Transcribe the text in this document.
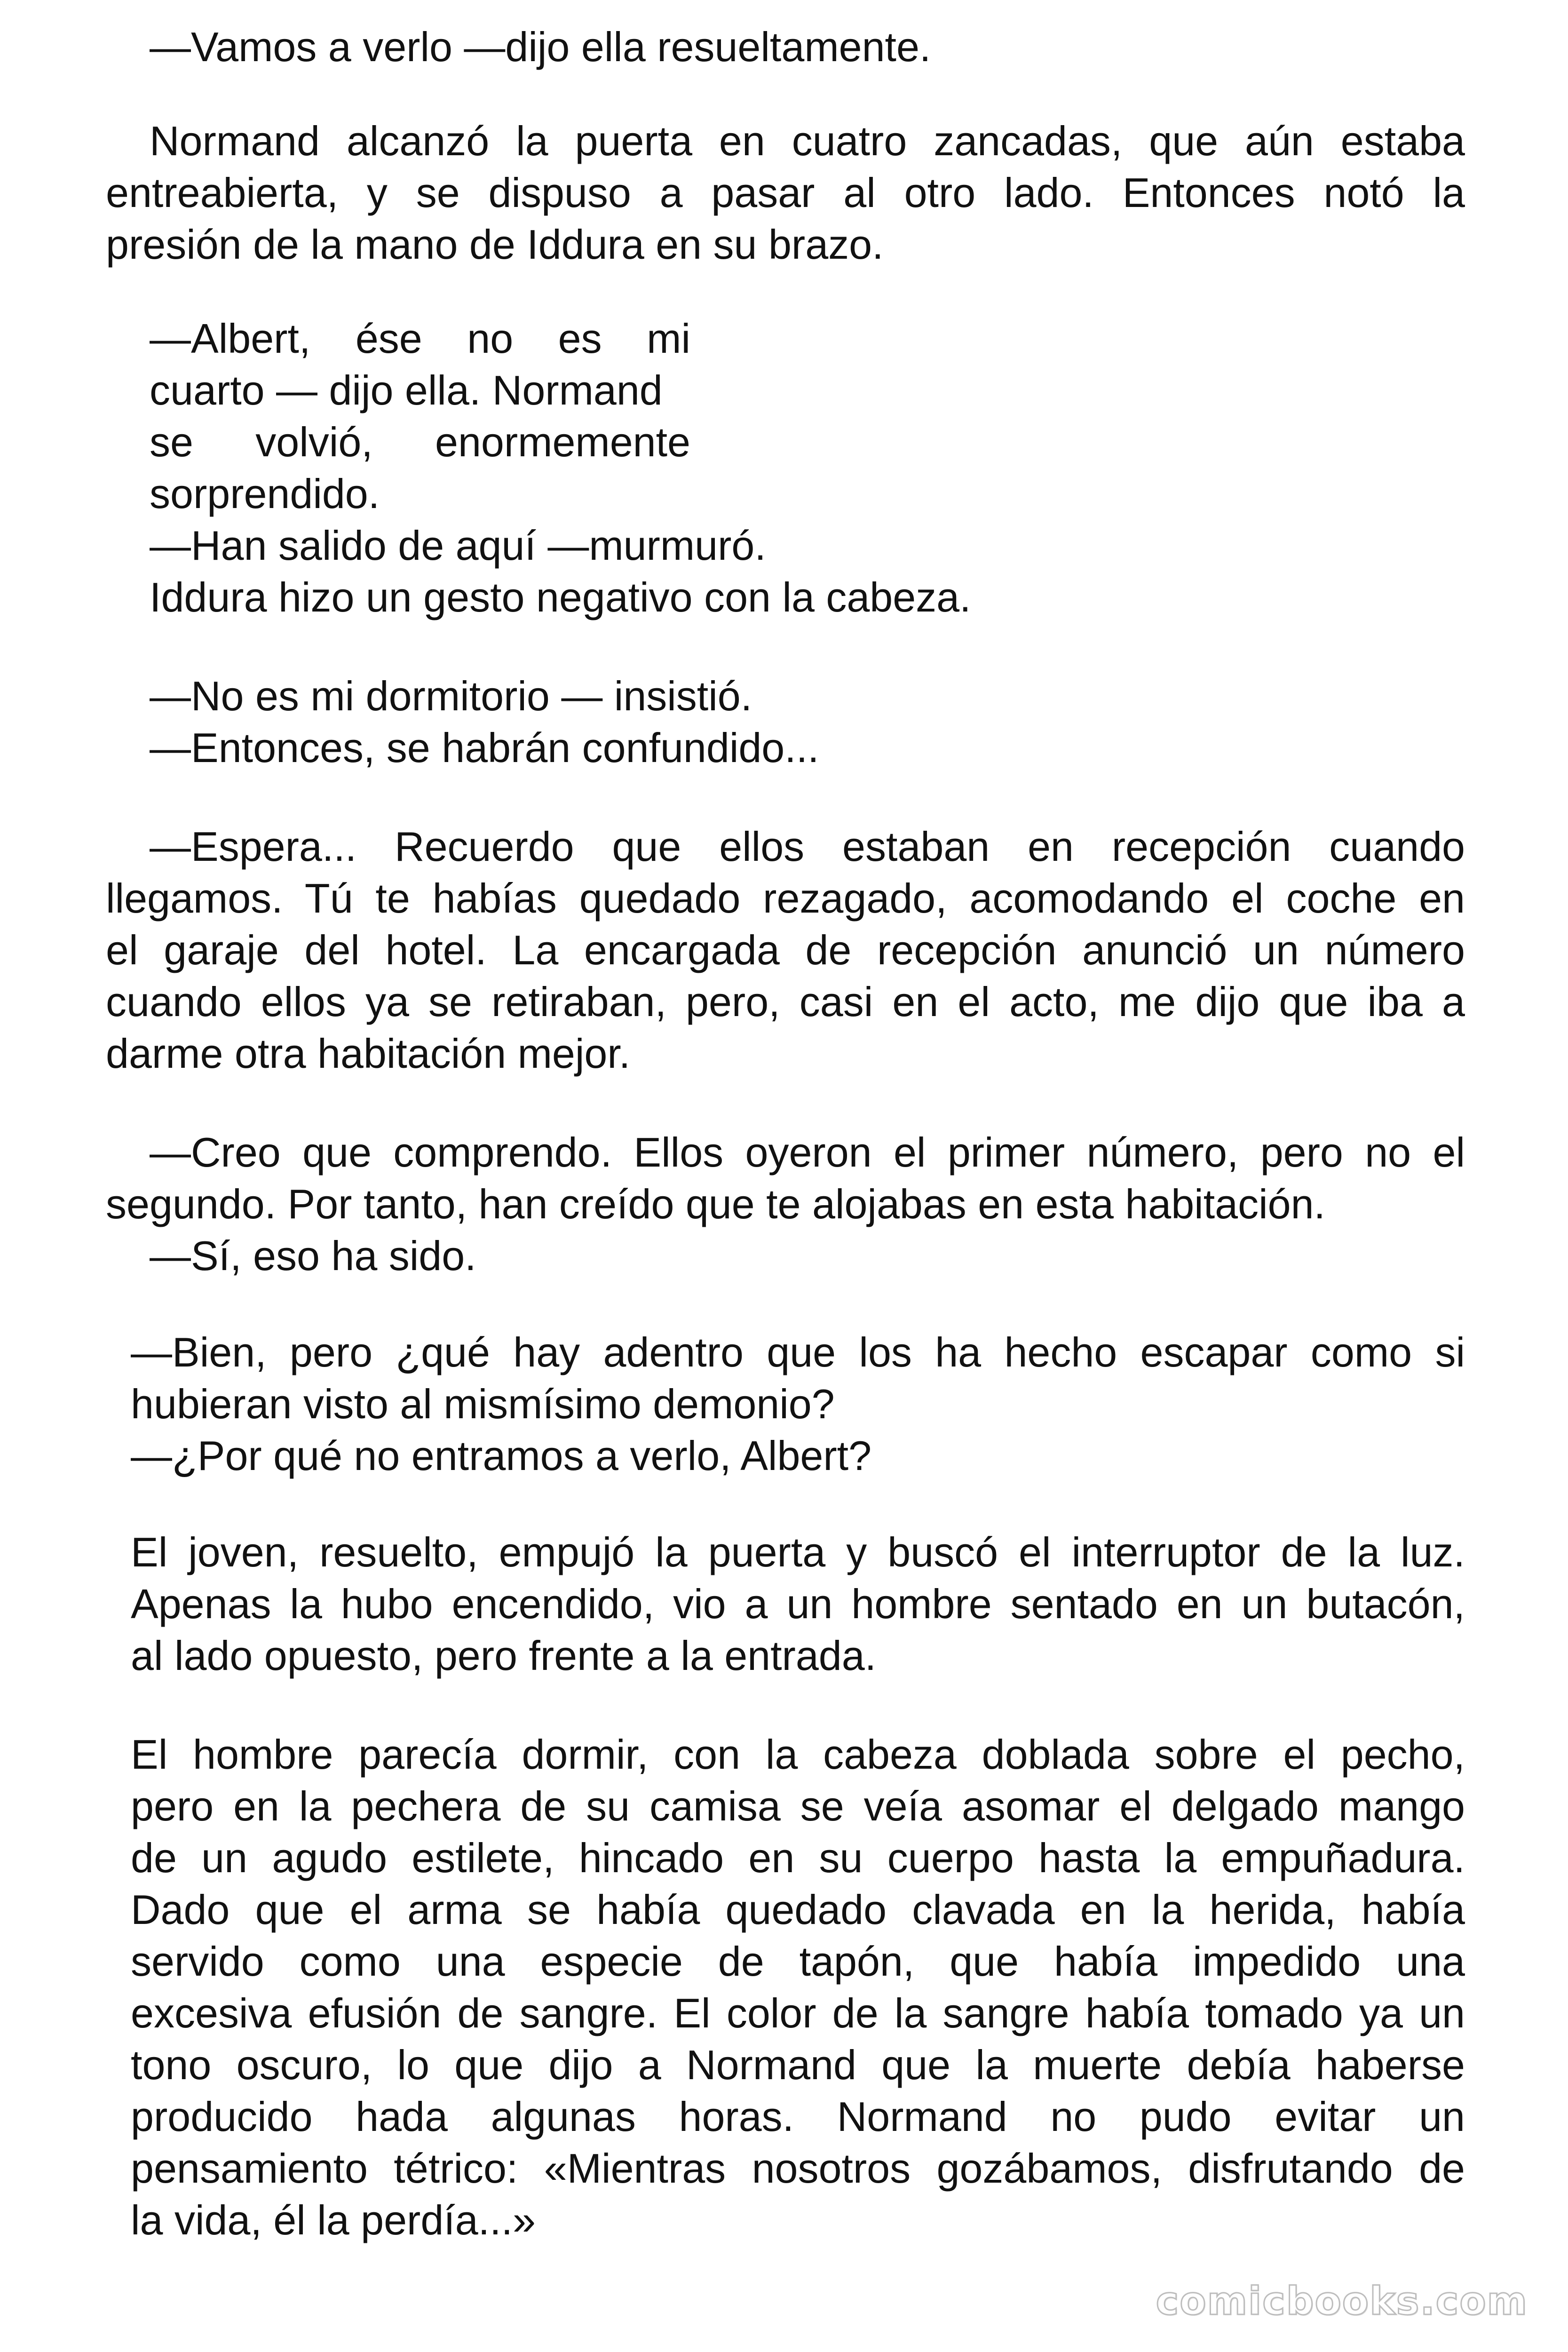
—Vamos a verlo —dijo ella resueltamente.
Normand alcanzó la puerta en cuatro zancadas, que aún estaba
entreabierta, y se dispuso a pasar al otro lado. Entonces notó la
presión de la mano de Iddura en su brazo.
—Albert, ése no es mi
cuarto — dijo ella. Normand
se volvió, enormemente
sorprendido.
—Han salido de aquí —murmuró.
Iddura hizo un gesto negativo con la cabeza.
—No es mi dormitorio — insistió.
—Entonces, se habrán confundido...
—Espera... Recuerdo que ellos estaban en recepción cuando
llegamos. Tú te habías quedado rezagado, acomodando el coche en
el garaje del hotel. La encargada de recepción anunció un número
cuando ellos ya se retiraban, pero, casi en el acto, me dijo que iba a
darme otra habitación mejor.
—Creo que comprendo. Ellos oyeron el primer número, pero no el
segundo. Por tanto, han creído que te alojabas en esta habitación.
—Sí, eso ha sido.
—Bien, pero ¿qué hay adentro que los ha hecho escapar como si
hubieran visto al mismísimo demonio?
—¿Por qué no entramos a verlo, Albert?
El joven, resuelto, empujó la puerta y buscó el interruptor de la luz.
Apenas la hubo encendido, vio a un hombre sentado en un butacón,
al lado opuesto, pero frente a la entrada.
El hombre parecía dormir, con la cabeza doblada sobre el pecho,
pero en la pechera de su camisa se veía asomar el delgado mango
de un agudo estilete, hincado en su cuerpo hasta la empuñadura.
Dado que el arma se había quedado clavada en la herida, había
servido como una especie de tapón, que había impedido una
excesiva efusión de sangre. El color de la sangre había tomado ya un
tono oscuro, lo que dijo a Normand que la muerte debía haberse
producido hada algunas horas. Normand no pudo evitar un
pensamiento tétrico: «Mientras nosotros gozábamos, disfrutando de
la vida, él la perdía...»
comicbooks.com
